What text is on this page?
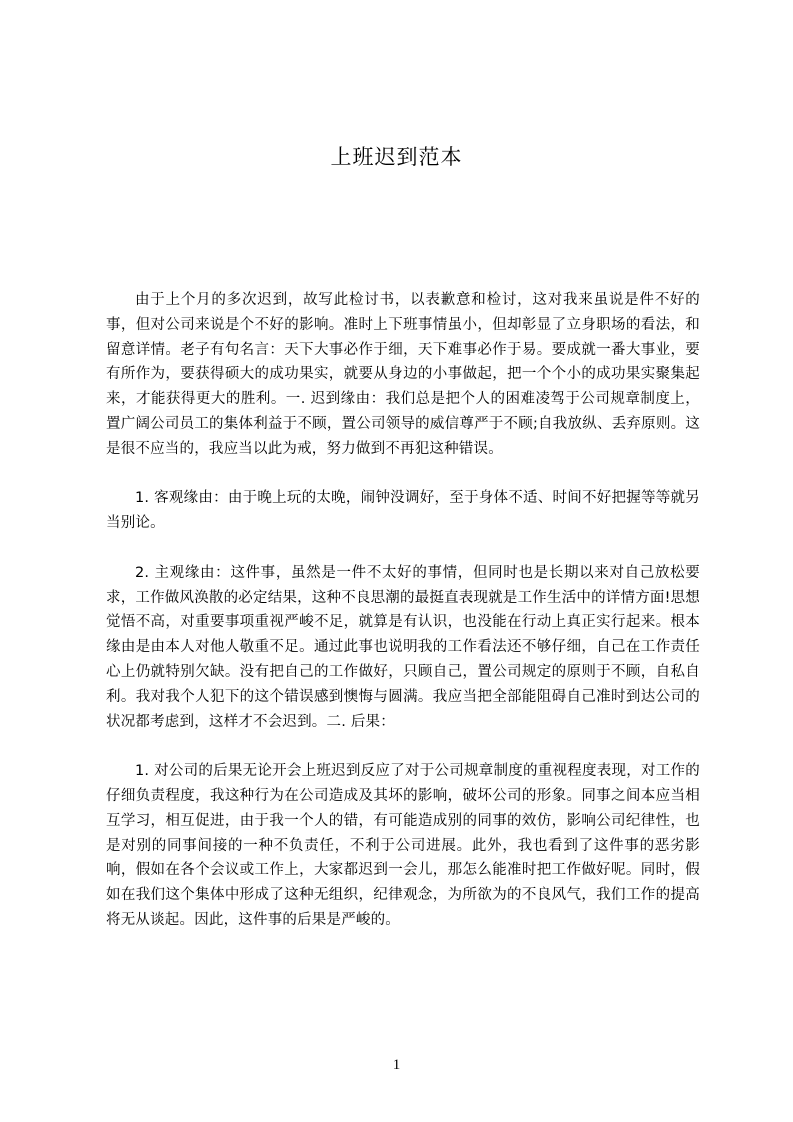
上班迟到范本

由于上个月的多次迟到，故写此检讨书，以表歉意和检讨，这对我来虽说是件不好的事，但对公司来说是个不好的影响。准时上下班事情虽小，但却彰显了立身职场的看法，和留意详情。老子有句名言：天下大事必作于细，天下难事必作于易。要成就一番大事业，要有所作为，要获得硕大的成功果实，就要从身边的小事做起，把一个个小的成功果实聚集起来，才能获得更大的胜利。一. 迟到缘由：我们总是把个人的困难凌驾于公司规章制度上，置广阔公司员工的集体利益于不顾，置公司领导的威信尊严于不顾;自我放纵、丢弃原则。这是很不应当的，我应当以此为戒，努力做到不再犯这种错误。

1. 客观缘由：由于晚上玩的太晚，闹钟没调好，至于身体不适、时间不好把握等等就另当别论。

2. 主观缘由：这件事，虽然是一件不太好的事情，但同时也是长期以来对自己放松要求，工作做风涣散的必定结果，这种不良思潮的最挺直表现就是工作生活中的详情方面!思想觉悟不高，对重要事项重视严峻不足，就算是有认识，也没能在行动上真正实行起来。根本缘由是由本人对他人敬重不足。通过此事也说明我的工作看法还不够仔细，自己在工作责任心上仍就特别欠缺。没有把自己的工作做好，只顾自己，置公司规定的原则于不顾，自私自利。我对我个人犯下的这个错误感到懊悔与圆满。我应当把全部能阻碍自己准时到达公司的状况都考虑到，这样才不会迟到。二. 后果：

1. 对公司的后果无论开会上班迟到反应了对于公司规章制度的重视程度表现，对工作的仔细负责程度，我这种行为在公司造成及其坏的影响，破坏公司的形象。同事之间本应当相互学习，相互促进，由于我一个人的错，有可能造成别的同事的效仿，影响公司纪律性，也是对别的同事间接的一种不负责任，不利于公司进展。此外，我也看到了这件事的恶劣影响，假如在各个会议或工作上，大家都迟到一会儿，那怎么能准时把工作做好呢。同时，假如在我们这个集体中形成了这种无组织，纪律观念，为所欲为的不良风气，我们工作的提高将无从谈起。因此，这件事的后果是严峻的。

1
